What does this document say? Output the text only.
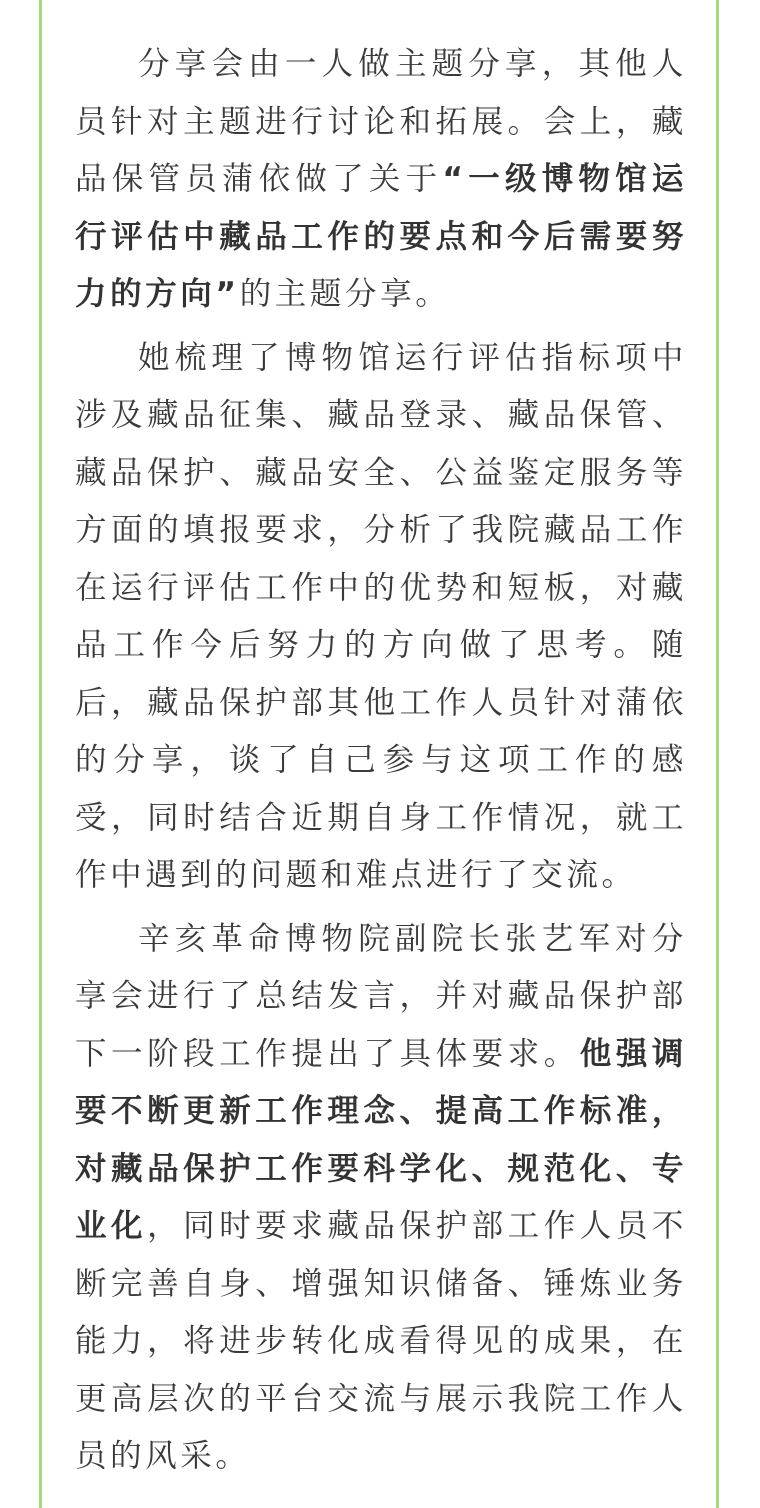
分享会由一人做主题分享，其他人员针对主题进行讨论和拓展。会上，藏品保管员蒲依做了关于“一级博物馆运行评估中藏品工作的要点和今后需要努力的方向”的主题分享。

她梳理了博物馆运行评估指标项中涉及藏品征集、藏品登录、藏品保管、藏品保护、藏品安全、公益鉴定服务等方面的填报要求，分析了我院藏品工作在运行评估工作中的优势和短板，对藏品工作今后努力的方向做了思考。随后，藏品保护部其他工作人员针对蒲依的分享，谈了自己参与这项工作的感受，同时结合近期自身工作情况，就工作中遇到的问题和难点进行了交流。

辛亥革命博物院副院长张艺军对分享会进行了总结发言，并对藏品保护部下一阶段工作提出了具体要求。他强调要不断更新工作理念、提高工作标准，对藏品保护工作要科学化、规范化、专业化，同时要求藏品保护部工作人员不断完善自身、增强知识储备、锤炼业务能力，将进步转化成看得见的成果，在更高层次的平台交流与展示我院工作人员的风采。
